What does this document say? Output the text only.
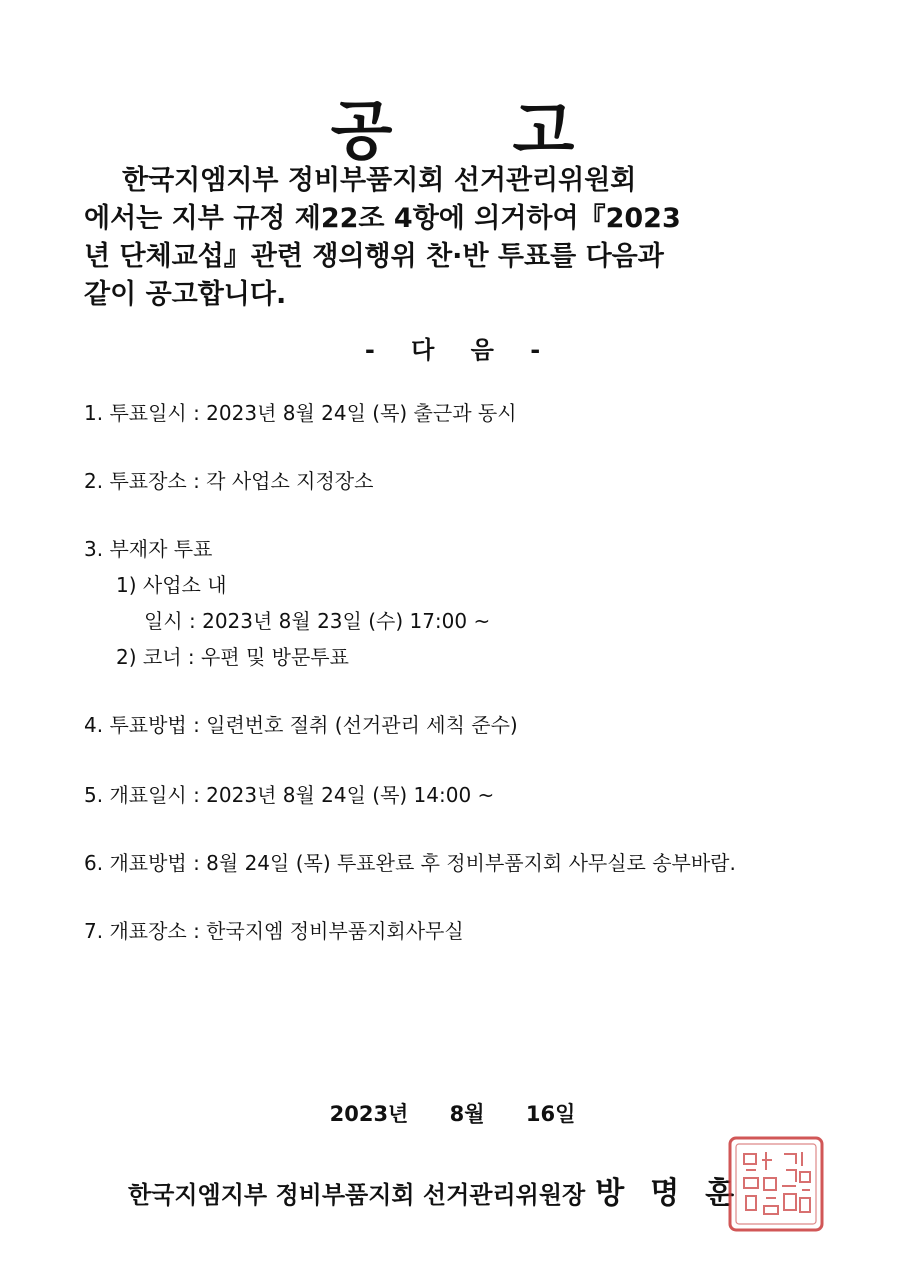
공 고

한국지엠지부 정비부품지회 선거관리위원회

에서는 지부 규정 제22조 4항에 의거하여『2023

년 단체교섭』관련 쟁의행위 찬·반 투표를 다음과

같이 공고합니다.

- 다 음 -
1. 투표일시 : 2023년 8월 24일 (목) 출근과 동시
2. 투표장소 : 각 사업소 지정장소
3. 부재자 투표
1) 사업소 내
일시 : 2023년 8월 23일 (수) 17:00 ~
2) 코너 : 우편 및 방문투표
4. 투표방법 : 일련번호 절취 (선거관리 세칙 준수)
5. 개표일시 : 2023년 8월 24일 (목) 14:00 ~
6. 개표방법 : 8월 24일 (목) 투표완료 후 정비부품지회 사무실로 송부바람.
7. 개표장소 : 한국지엠 정비부품지회사무실
2023년 8월 16일
한국지엠지부 정비부품지회 선거관리위원장 방명훈
